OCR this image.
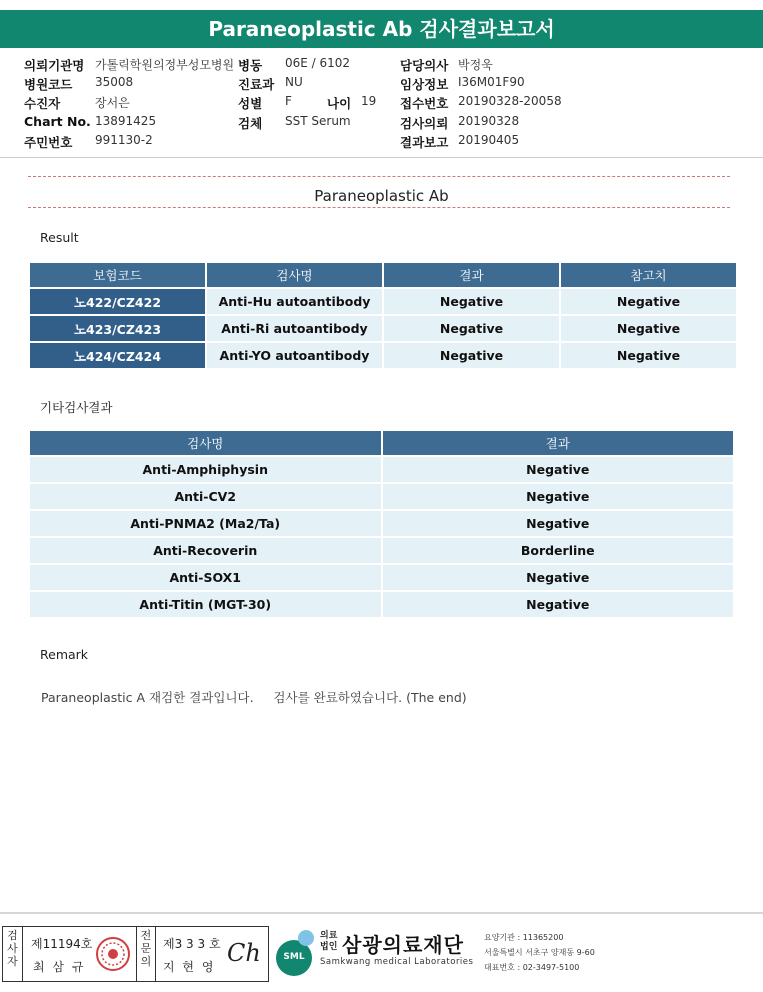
Paraneoplastic Ab 검사결과보고서
의뢰기관명 가톨릭학원의정부성모병원 병동 06E / 6102	담당의사 박정욱
병원코드 35008	진료과 NU	임상정보 I36M01F90
수진자	장서은	성별 F	나이 19 접수번호 20190328-20058
Chart No. 13891425	검체 SST Serum	검사의뢰 20190328
주민번호 991130-2	결과보고 20190405
Paraneoplastic Ab
Result
보험코드	검사명	결과	참고치
노422/CZ422	Anti-Hu autoantibody	Negative	Negative
노423/CZ423	Anti-Ri autoantibody	Negative	Negative
노424/CZ424	Anti-YO autoantibody	Negative	Negative
기타검사결과
검사명	결과
Anti-Amphiphysin	Negative
Anti-CV2	Negative
Anti-PNMA2 (Ma2/Ta)	Negative
Anti-Recoverin	Borderline
Anti-SOX1	Negative
Anti-Titin (MGT-30)	Negative
Remark
Paraneoplastic A 재검한 결과입니다.     검사를 완료하였습니다. (The end)
검사자
제11194호
최 삼 규
전문의
제3 3 3 호
지 현 영 Ch	SML
의료법인 삼광의료재단
Samkwang medical Laboratories
요양기관 : 11365200
서울특별시 서초구 양재동 9-60
대표번호 : 02-3497-5100
